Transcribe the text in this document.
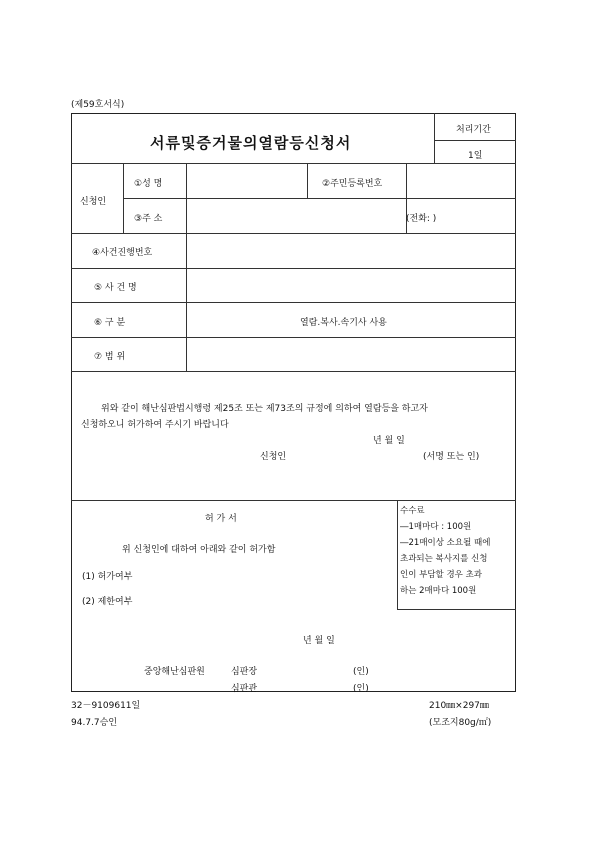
(제59호서식)
서류및증거물의열람등신청서
처리기간
1일
신청인
①성 명	②주민등록번호
③주 소	(전화: )
④사건진행번호
⑤ 사 건 명
⑥ 구 분	열람.복사.속기사 사용
⑦ 범 위
위와 같이 해난심판법시행령 제25조 또는 제73조의 규정에 의하여 열람등을 하고자
신청하오니 허가하여 주시기 바랍니다
년 월 일
신청인	(서명 또는 인)
허 가 서
위 신청인에 대하여 아래와 같이 허가함
(1) 허가여부
(2) 제한여부
년 월 일
중앙해난심판원	심판장	(인)
심판관	(인)
수수료
―1매마다 : 100원
―21매이상 소요될 때에
초과되는 복사지를 신청
인이 부담할 경우 초과
하는 2매마다 100원
32－9109611일
94.7.7승인
210㎜×297㎜
(모조지80g/㎡)
